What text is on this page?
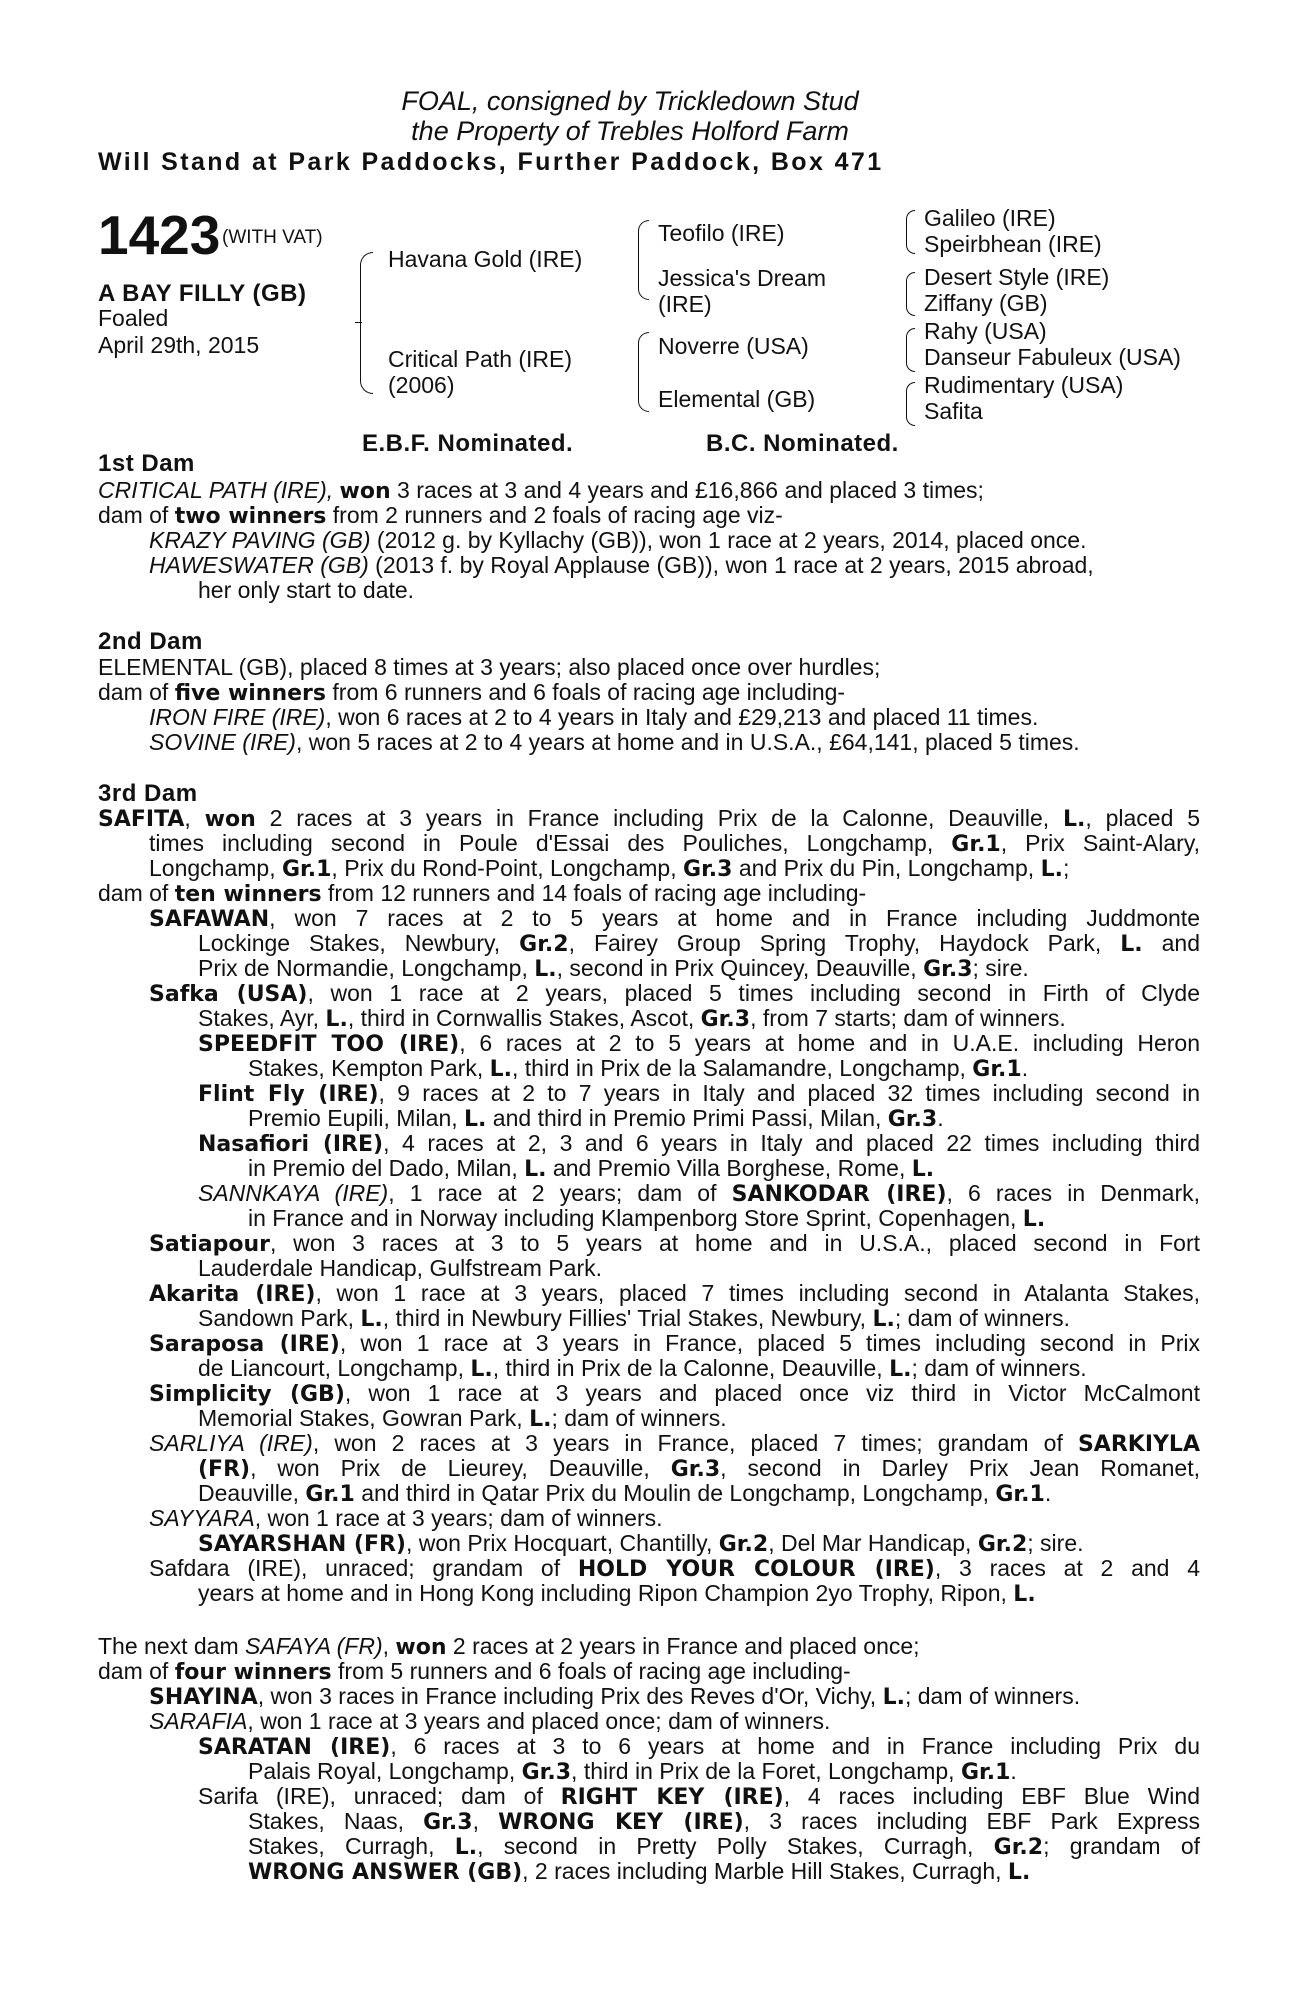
FOAL, consigned by Trickledown Stud
the Property of Trebles Holford Farm
Will Stand at Park Paddocks, Further Paddock, Box 471
1423 (WITH VAT)
A BAY FILLY (GB)
Foaled
April 29th, 2015
Havana Gold (IRE)
Critical Path (IRE)
(2006)
Teofilo (IRE)
Jessica's Dream
(IRE)
Noverre (USA)
Elemental (GB)
Galileo (IRE)
Speirbhean (IRE)
Desert Style (IRE)
Ziffany (GB)
Rahy (USA)
Danseur Fabuleux (USA)
Rudimentary (USA)
Safita
E.B.F. Nominated.	B.C. Nominated.
1st Dam
CRITICAL PATH (IRE), won 3 races at 3 and 4 years and £16,866 and placed 3 times;
dam of two winners from 2 runners and 2 foals of racing age viz-
KRAZY PAVING (GB) (2012 g. by Kyllachy (GB)), won 1 race at 2 years, 2014, placed once.
HAWESWATER (GB) (2013 f. by Royal Applause (GB)), won 1 race at 2 years, 2015 abroad,
her only start to date.
2nd Dam
ELEMENTAL (GB), placed 8 times at 3 years; also placed once over hurdles;
dam of five winners from 6 runners and 6 foals of racing age including-
IRON FIRE (IRE), won 6 races at 2 to 4 years in Italy and £29,213 and placed 11 times.
SOVINE (IRE), won 5 races at 2 to 4 years at home and in U.S.A., £64,141, placed 5 times.
3rd Dam
SAFITA, won 2 races at 3 years in France including Prix de la Calonne, Deauville, L., placed 5
times including second in Poule d'Essai des Pouliches, Longchamp, Gr.1, Prix Saint-Alary,
Longchamp, Gr.1, Prix du Rond-Point, Longchamp, Gr.3 and Prix du Pin, Longchamp, L.;
dam of ten winners from 12 runners and 14 foals of racing age including-
SAFAWAN, won 7 races at 2 to 5 years at home and in France including Juddmonte
Lockinge Stakes, Newbury, Gr.2, Fairey Group Spring Trophy, Haydock Park, L. and
Prix de Normandie, Longchamp, L., second in Prix Quincey, Deauville, Gr.3; sire.
Safka (USA), won 1 race at 2 years, placed 5 times including second in Firth of Clyde
Stakes, Ayr, L., third in Cornwallis Stakes, Ascot, Gr.3, from 7 starts; dam of winners.
SPEEDFIT TOO (IRE), 6 races at 2 to 5 years at home and in U.A.E. including Heron
Stakes, Kempton Park, L., third in Prix de la Salamandre, Longchamp, Gr.1.
Flint Fly (IRE), 9 races at 2 to 7 years in Italy and placed 32 times including second in
Premio Eupili, Milan, L. and third in Premio Primi Passi, Milan, Gr.3.
Nasafiori (IRE), 4 races at 2, 3 and 6 years in Italy and placed 22 times including third
in Premio del Dado, Milan, L. and Premio Villa Borghese, Rome, L.
SANNKAYA (IRE), 1 race at 2 years; dam of SANKODAR (IRE), 6 races in Denmark,
in France and in Norway including Klampenborg Store Sprint, Copenhagen, L.
Satiapour, won 3 races at 3 to 5 years at home and in U.S.A., placed second in Fort
Lauderdale Handicap, Gulfstream Park.
Akarita (IRE), won 1 race at 3 years, placed 7 times including second in Atalanta Stakes,
Sandown Park, L., third in Newbury Fillies' Trial Stakes, Newbury, L.; dam of winners.
Saraposa (IRE), won 1 race at 3 years in France, placed 5 times including second in Prix
de Liancourt, Longchamp, L., third in Prix de la Calonne, Deauville, L.; dam of winners.
Simplicity (GB), won 1 race at 3 years and placed once viz third in Victor McCalmont
Memorial Stakes, Gowran Park, L.; dam of winners.
SARLIYA (IRE), won 2 races at 3 years in France, placed 7 times; grandam of SARKIYLA
(FR), won Prix de Lieurey, Deauville, Gr.3, second in Darley Prix Jean Romanet,
Deauville, Gr.1 and third in Qatar Prix du Moulin de Longchamp, Longchamp, Gr.1.
SAYYARA, won 1 race at 3 years; dam of winners.
SAYARSHAN (FR), won Prix Hocquart, Chantilly, Gr.2, Del Mar Handicap, Gr.2; sire.
Safdara (IRE), unraced; grandam of HOLD YOUR COLOUR (IRE), 3 races at 2 and 4
years at home and in Hong Kong including Ripon Champion 2yo Trophy, Ripon, L.
The next dam SAFAYA (FR), won 2 races at 2 years in France and placed once;
dam of four winners from 5 runners and 6 foals of racing age including-
SHAYINA, won 3 races in France including Prix des Reves d'Or, Vichy, L.; dam of winners.
SARAFIA, won 1 race at 3 years and placed once; dam of winners.
SARATAN (IRE), 6 races at 3 to 6 years at home and in France including Prix du
Palais Royal, Longchamp, Gr.3, third in Prix de la Foret, Longchamp, Gr.1.
Sarifa (IRE), unraced; dam of RIGHT KEY (IRE), 4 races including EBF Blue Wind
Stakes, Naas, Gr.3, WRONG KEY (IRE), 3 races including EBF Park Express
Stakes, Curragh, L., second in Pretty Polly Stakes, Curragh, Gr.2; grandam of
WRONG ANSWER (GB), 2 races including Marble Hill Stakes, Curragh, L.
